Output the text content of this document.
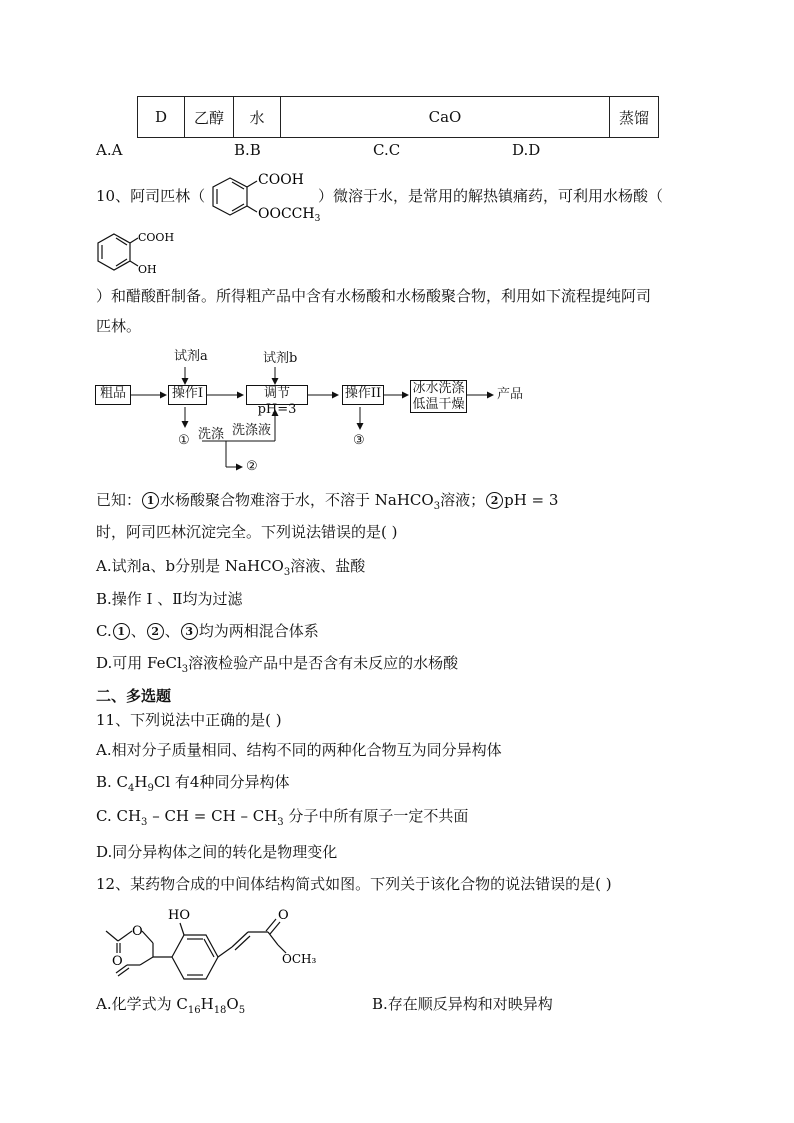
D	乙醇	水	CaO	蒸馏
A.A	B.B	C.C	D.D
10、阿司匹林（
COOH
$OOCCH_3$
）微溶于水，是常用的解热镇痛药，可利用水杨酸（
COOH
OH
）和醋酸酐制备。所得粗产品中含有水杨酸和水杨酸聚合物，利用如下流程提纯阿司
匹林。
粗品	操作I	调节pH=3
操作II 冰水洗涤
低温干燥
产品
试剂a	试剂b
① 洗涤 洗涤液
②
③
已知： 1 水杨酸聚合物难溶于水，不溶于 NaHCO$_3$溶液； 2 pH = 3
时，阿司匹林沉淀完全。下列说法错误的是( )
A.试剂a、b分别是 NaHCO$_3$溶液、盐酸
B.操作 Ⅰ 、Ⅱ均为过滤
C. 1 、 2 、 3 均为两相混合体系
D.可用 FeCl$_3$溶液检验产品中是否含有未反应的水杨酸
二、多选题
11、下列说法中正确的是( )
A.相对分子质量相同、结构不同的两种化合物互为同分异构体
B. $C_4H_9Cl$ 有4种同分异构体
C. $CH_3$ – CH = CH – $CH_3$ 分子中所有原子一定不共面
D.同分异构体之间的转化是物理变化
12、某药物合成的中间体结构简式如图。下列关于该化合物的说法错误的是( )
HO
O
O
O
OCH₃
A.化学式为 $C_{16}H_{18}O_5$	B.存在顺反异构和对映异构
